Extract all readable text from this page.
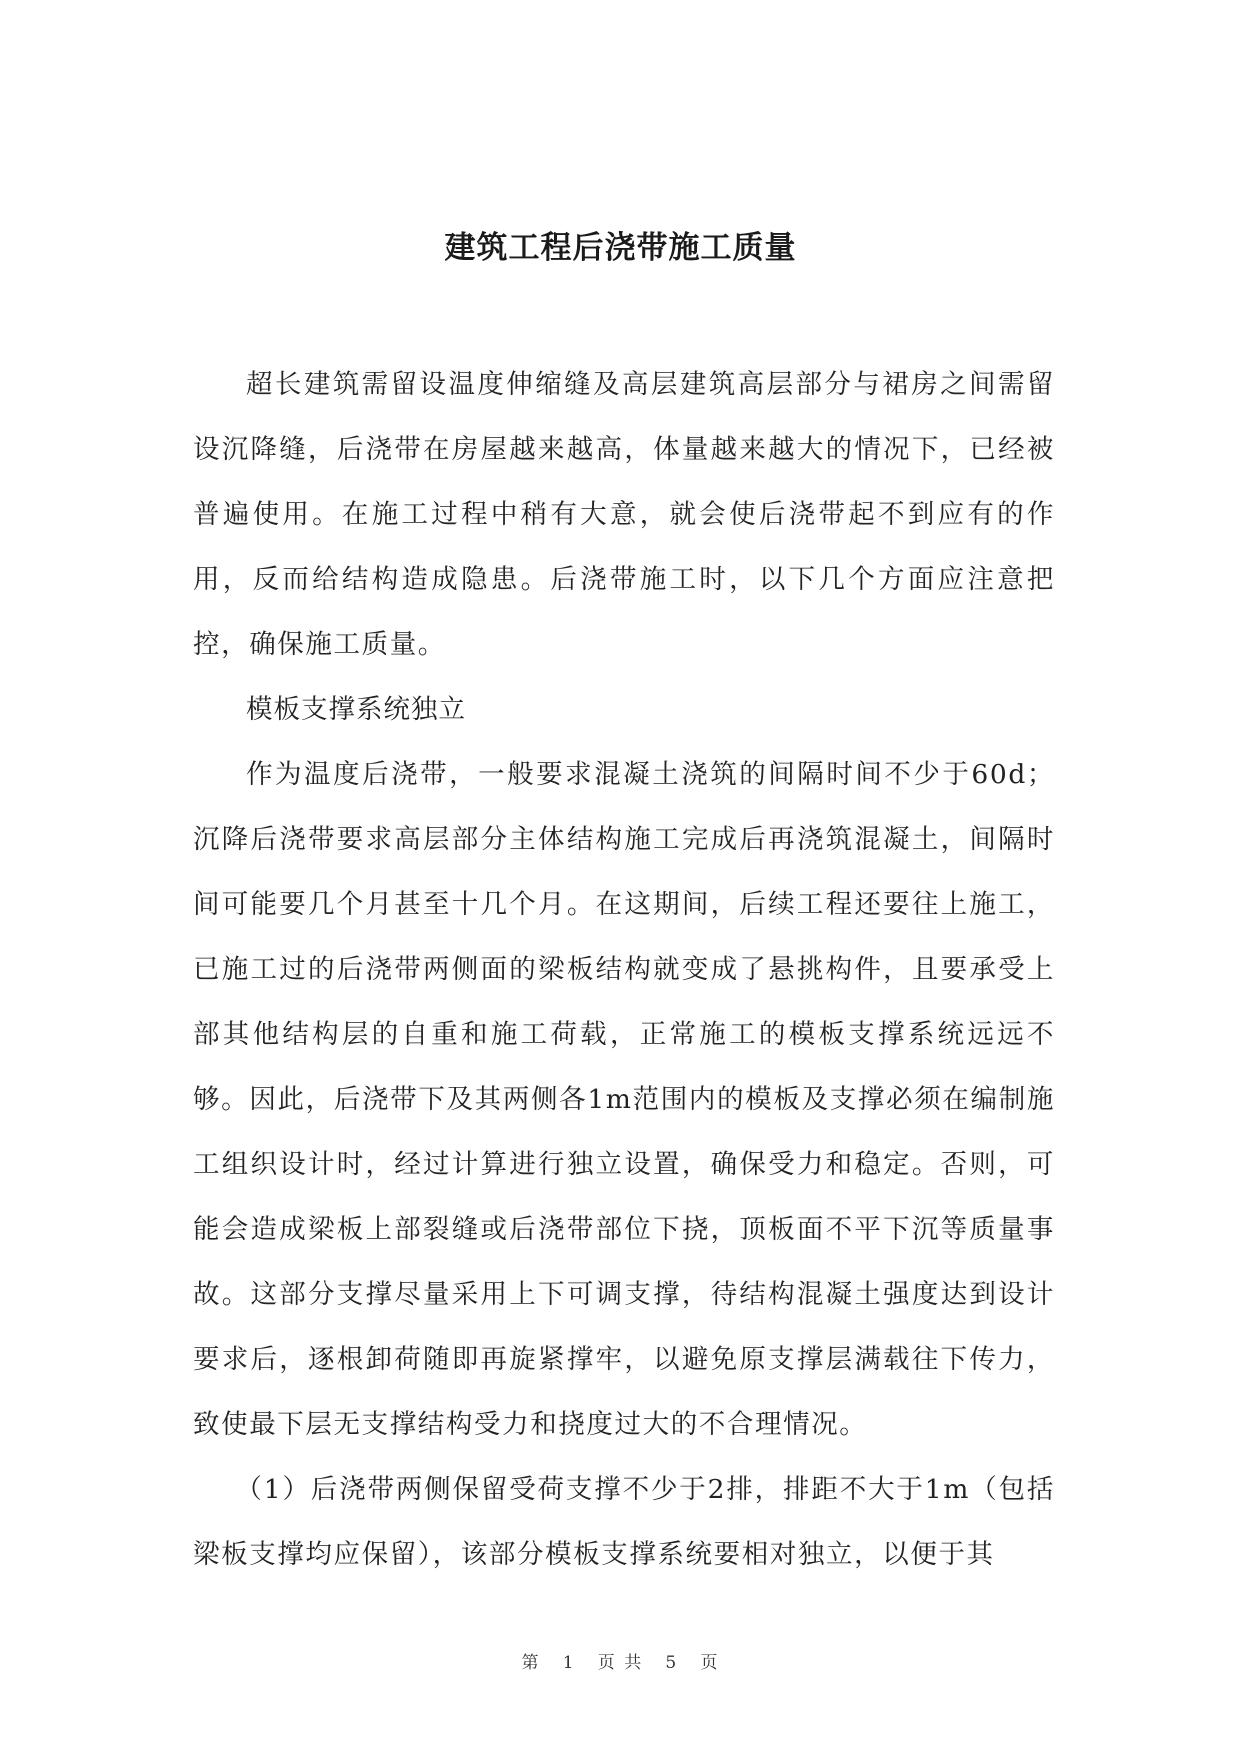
建筑工程后浇带施工质量

超长建筑需留设温度伸缩缝及高层建筑高层部分与裙房之间需留设沉降缝，后浇带在房屋越来越高，体量越来越大的情况下，已经被普遍使用。在施工过程中稍有大意，就会使后浇带起不到应有的作用，反而给结构造成隐患。后浇带施工时，以下几个方面应注意把控，确保施工质量。

模板支撑系统独立

作为温度后浇带，一般要求混凝土浇筑的间隔时间不少于60d；沉降后浇带要求高层部分主体结构施工完成后再浇筑混凝土，间隔时间可能要几个月甚至十几个月。在这期间，后续工程还要往上施工，已施工过的后浇带两侧面的梁板结构就变成了悬挑构件，且要承受上部其他结构层的自重和施工荷载，正常施工的模板支撑系统远远不够。因此，后浇带下及其两侧各1m范围内的模板及支撑必须在编制施工组织设计时，经过计算进行独立设置，确保受力和稳定。否则，可能会造成梁板上部裂缝或后浇带部位下挠，顶板面不平下沉等质量事故。这部分支撑尽量采用上下可调支撑，待结构混凝土强度达到设计要求后，逐根卸荷随即再旋紧撑牢，以避免原支撑层满载往下传力，致使最下层无支撑结构受力和挠度过大的不合理情况。

（1）后浇带两侧保留受荷支撑不少于2排，排距不大于1m（包括梁板支撑均应保留），该部分模板支撑系统要相对独立，以便于其

第 1 页 共 5 页
